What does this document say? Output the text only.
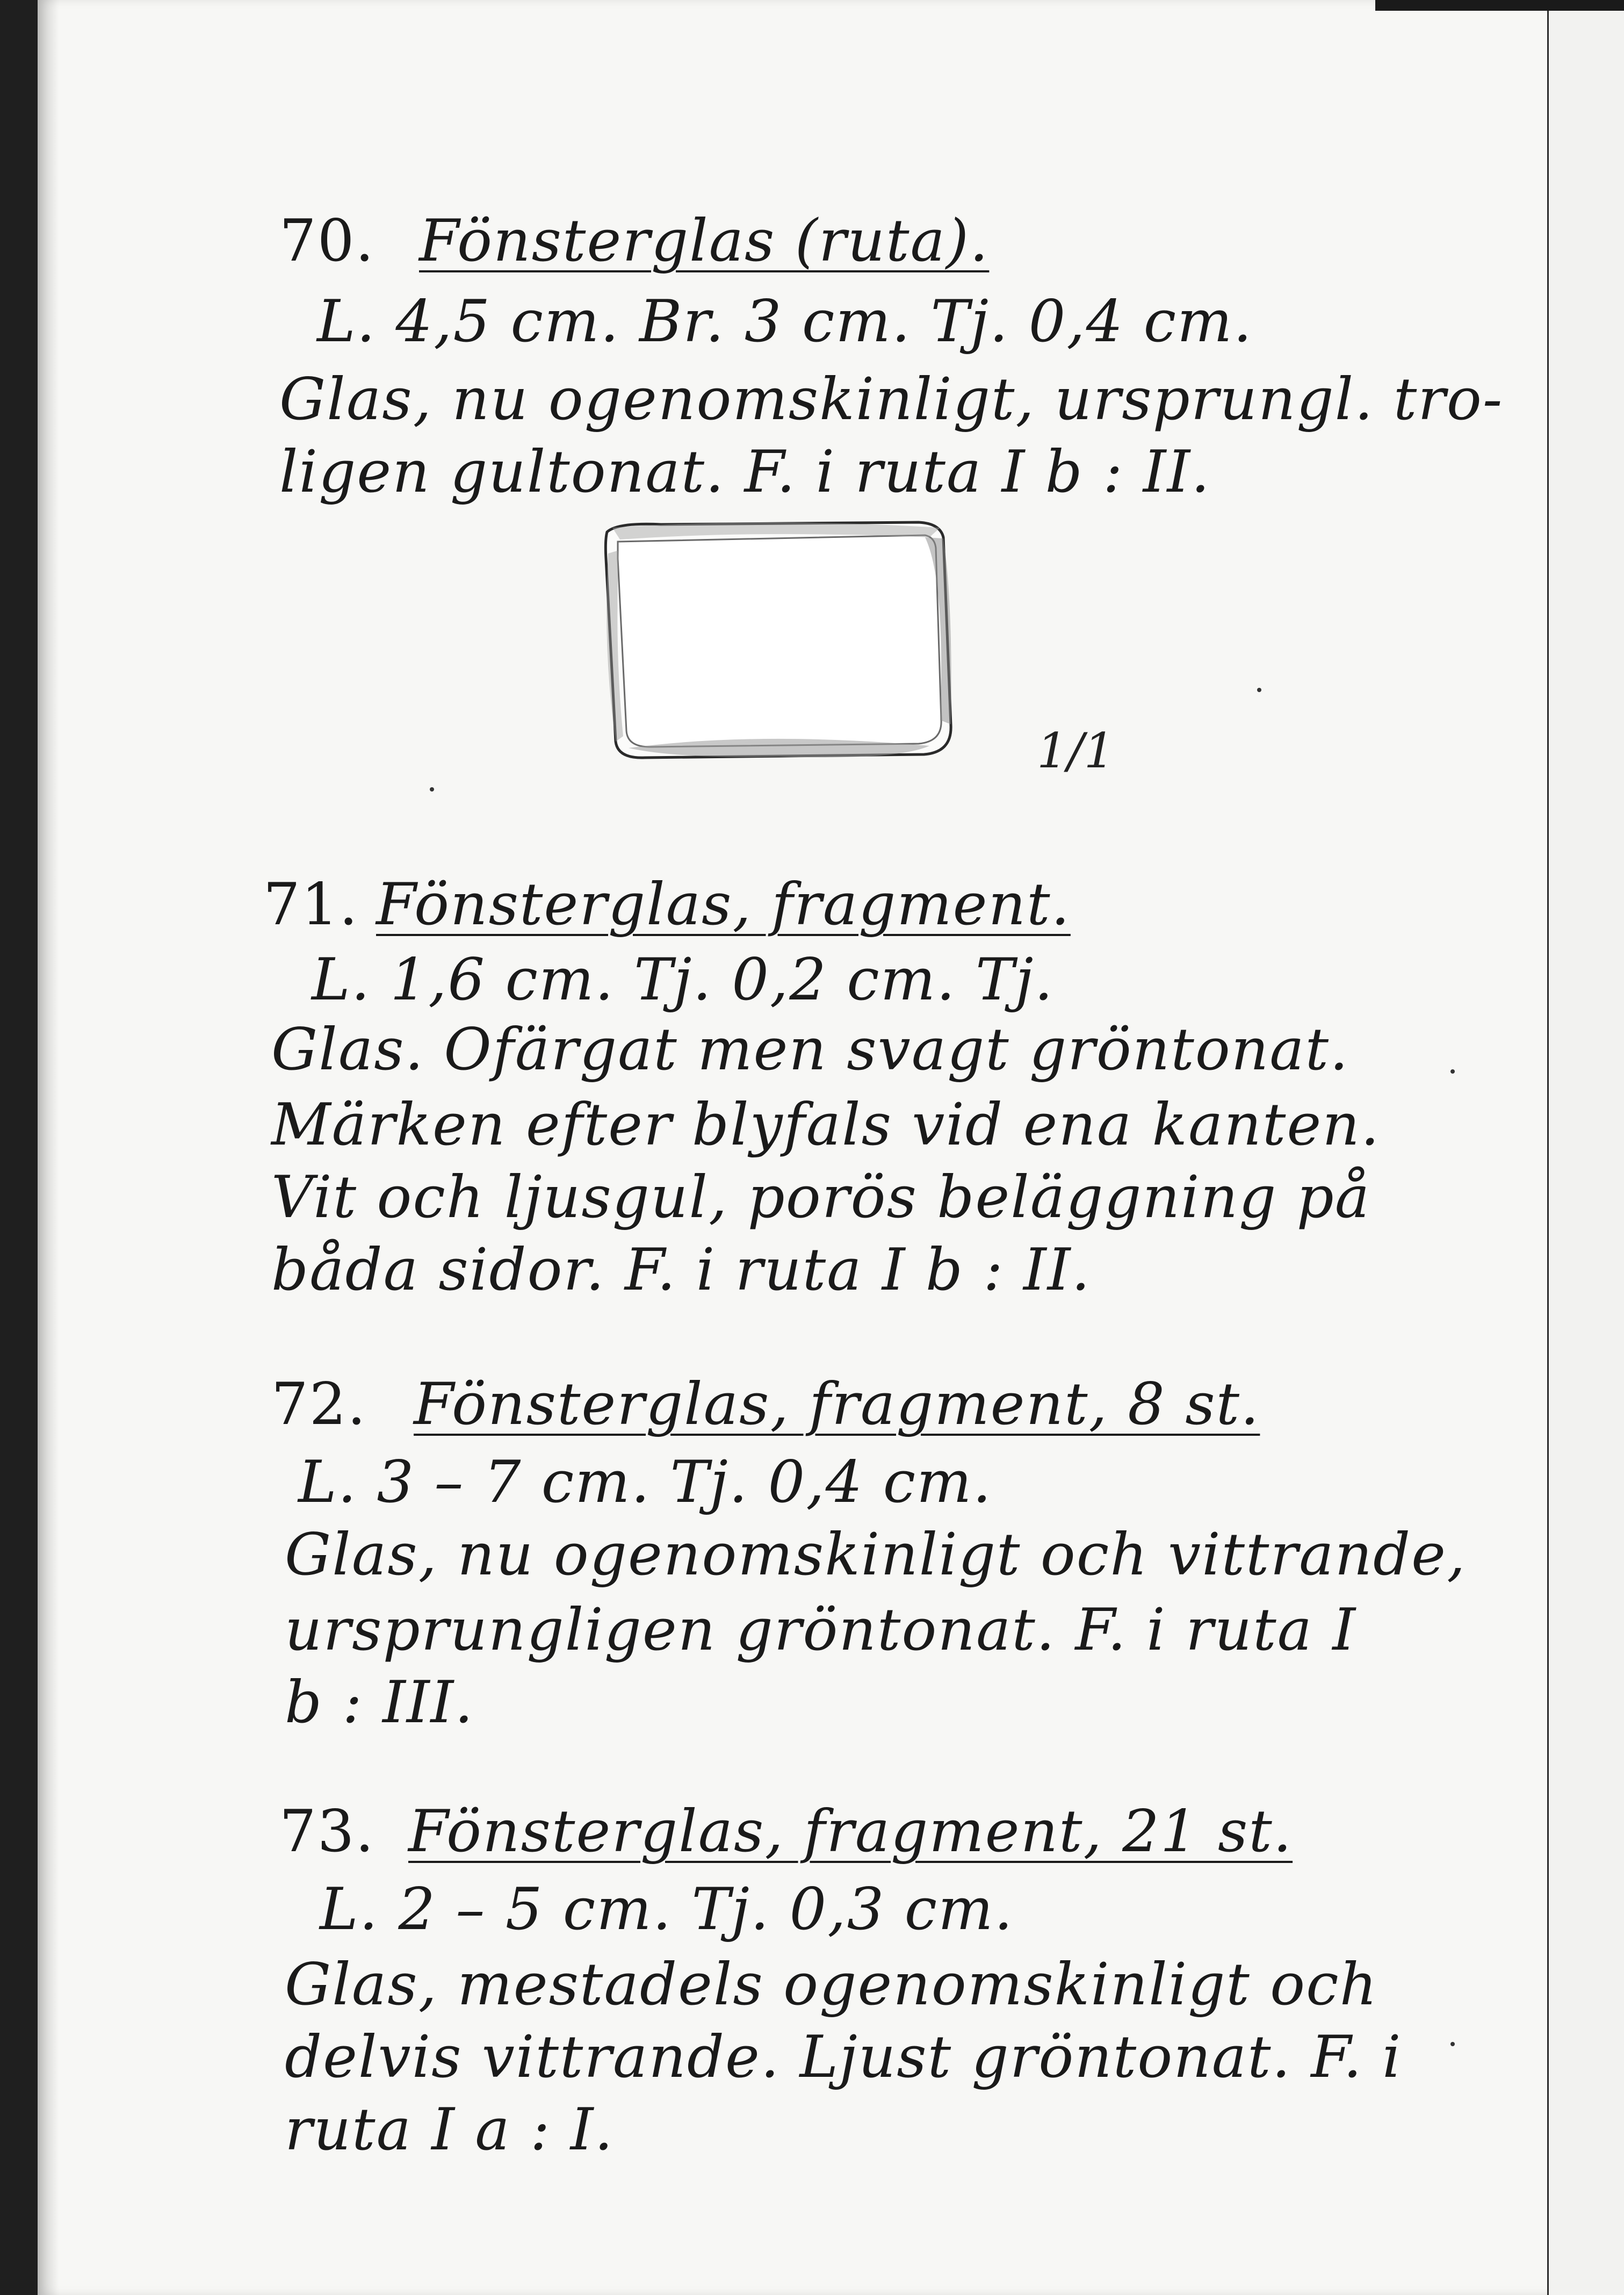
70. Fönsterglas (ruta).
L. 4,5 cm. Br. 3 cm. Tj. 0,4 cm.
Glas, nu ogenomskinligt, ursprungl. tro-
ligen gultonat. F. i ruta I b : II.
1/1
71. Fönsterglas, fragment.
L. 1,6 cm. Tj. 0,2 cm. Tj.
Glas. Ofärgat men svagt gröntonat.
Märken efter blyfals vid ena kanten.
Vit och ljusgul, porös beläggning på
båda sidor. F. i ruta I b : II.
72. Fönsterglas, fragment, 8 st.
L. 3 – 7 cm. Tj. 0,4 cm.
Glas, nu ogenomskinligt och vittrande,
ursprungligen gröntonat. F. i ruta I
b : III.
73. Fönsterglas, fragment, 21 st.
L. 2 – 5 cm. Tj. 0,3 cm.
Glas, mestadels ogenomskinligt och
delvis vittrande. Ljust gröntonat. F. i
ruta I a : I.
